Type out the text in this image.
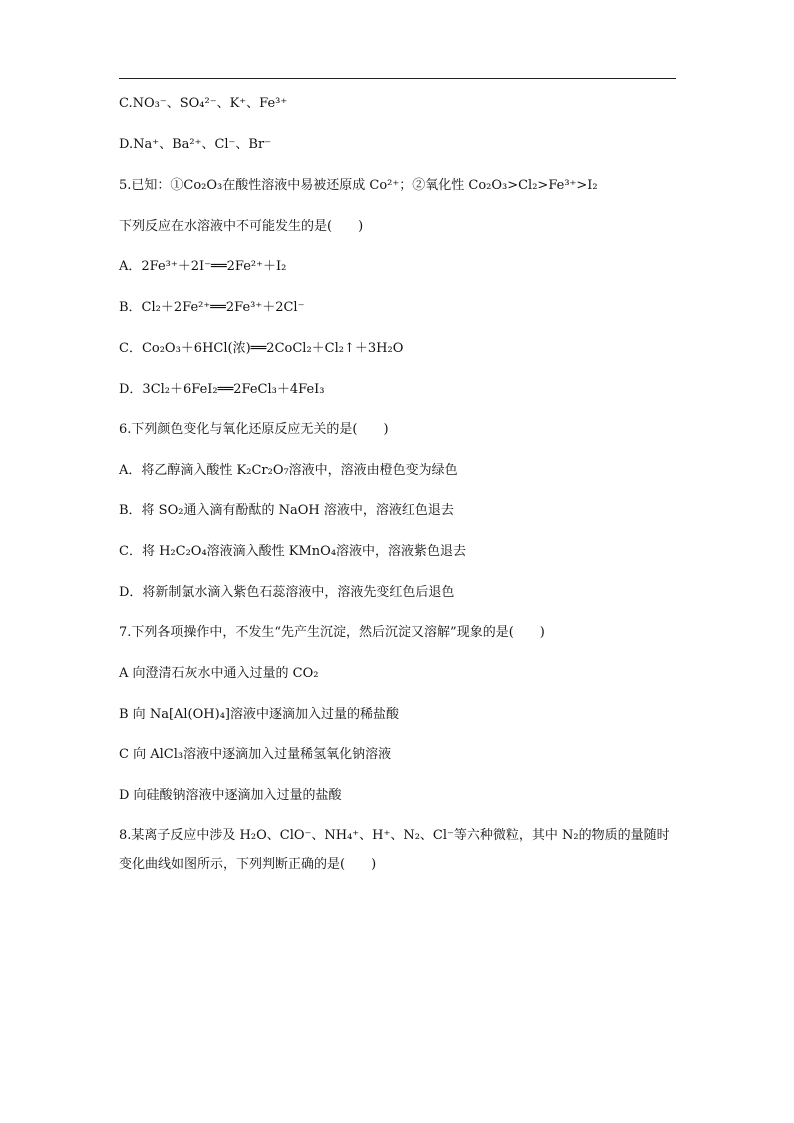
C.NO₃⁻、SO₄²⁻、K⁺、Fe³⁺
D.Na⁺、Ba²⁺、Cl⁻、Br⁻
5.已知：①Co₂O₃在酸性溶液中易被还原成 Co²⁺；②氧化性 Co₂O₃>Cl₂>Fe³⁺>I₂
下列反应在水溶液中不可能发生的是(　　)
A．2Fe³⁺＋2I⁻══2Fe²⁺＋I₂
B．Cl₂＋2Fe²⁺══2Fe³⁺＋2Cl⁻
C．Co₂O₃＋6HCl(浓)══2CoCl₂＋Cl₂↑＋3H₂O
D．3Cl₂＋6FeI₂══2FeCl₃＋4FeI₃
6.下列颜色变化与氧化还原反应无关的是(　　)
A．将乙醇滴入酸性 K₂Cr₂O₇溶液中，溶液由橙色变为绿色
B．将 SO₂通入滴有酚酞的 NaOH 溶液中，溶液红色退去
C．将 H₂C₂O₄溶液滴入酸性 KMnO₄溶液中，溶液紫色退去
D．将新制氯水滴入紫色石蕊溶液中，溶液先变红色后退色
7.下列各项操作中，不发生“先产生沉淀，然后沉淀又溶解”现象的是(　　)
A 向澄清石灰水中通入过量的 CO₂
B 向 Na[Al(OH)₄]溶液中逐滴加入过量的稀盐酸
C 向 AlCl₃溶液中逐滴加入过量稀氢氧化钠溶液
D 向硅酸钠溶液中逐滴加入过量的盐酸
8.某离子反应中涉及 H₂O、ClO⁻、NH₄⁺、H⁺、N₂、Cl⁻等六种微粒，其中 N₂的物质的量随时
变化曲线如图所示，下列判断正确的是(　　)
